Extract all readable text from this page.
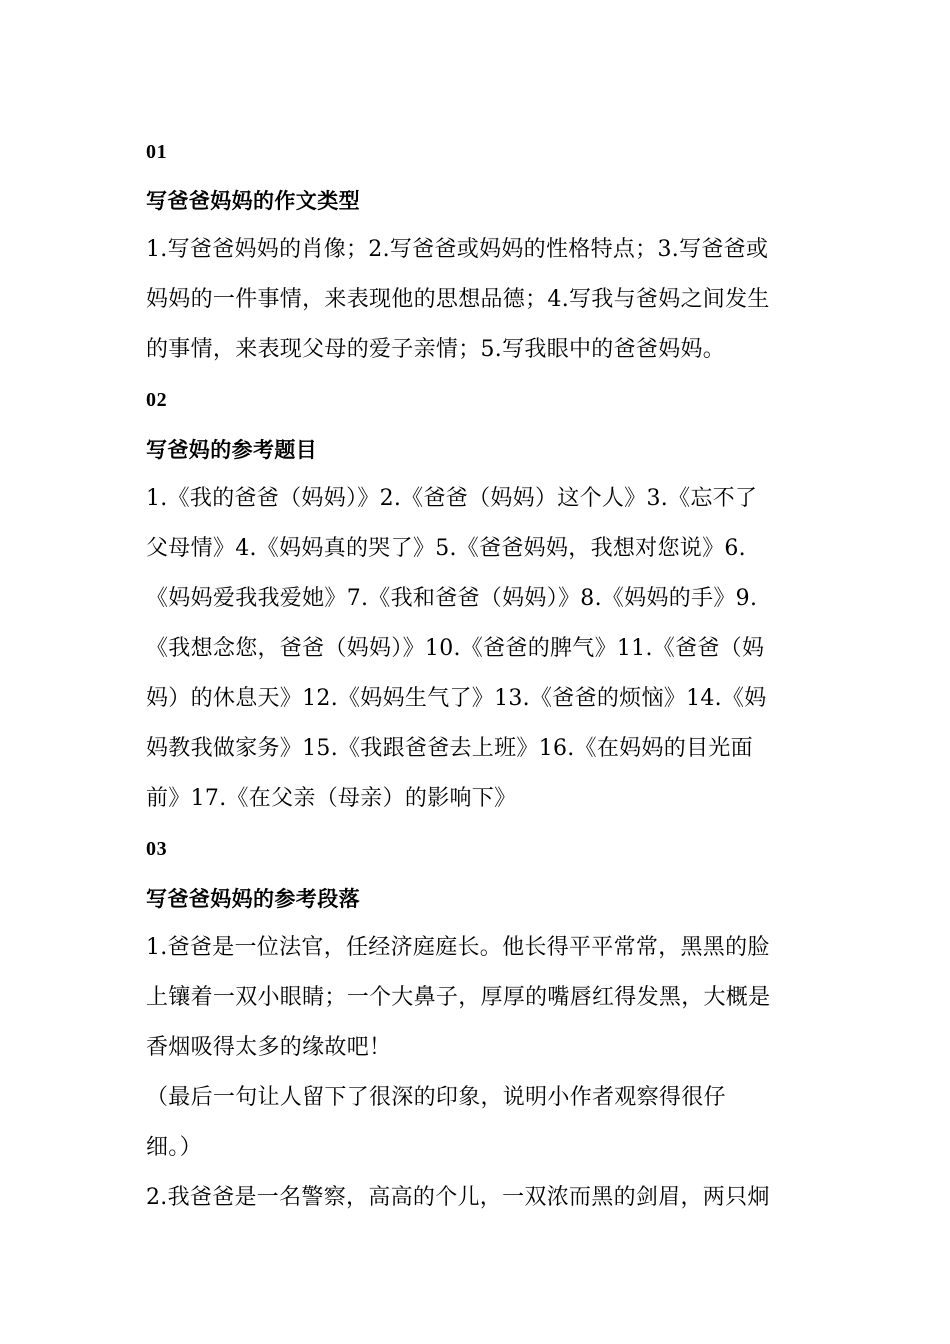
01
写爸爸妈妈的作文类型
1.写爸爸妈妈的肖像；2.写爸爸或妈妈的性格特点；3.写爸爸或
妈妈的一件事情，来表现他的思想品德；4.写我与爸妈之间发生
的事情，来表现父母的爱子亲情；5.写我眼中的爸爸妈妈。
02
写爸妈的参考题目
1.《我的爸爸（妈妈）》2.《爸爸（妈妈）这个人》3.《忘不了
父母情》4.《妈妈真的哭了》5.《爸爸妈妈，我想对您说》6.
《妈妈爱我我爱她》7.《我和爸爸（妈妈）》8.《妈妈的手》9.
《我想念您，爸爸（妈妈）》10.《爸爸的脾气》11.《爸爸（妈
妈）的休息天》12.《妈妈生气了》13.《爸爸的烦恼》14.《妈
妈教我做家务》15.《我跟爸爸去上班》16.《在妈妈的目光面
前》17.《在父亲（母亲）的影响下》
03
写爸爸妈妈的参考段落
1.爸爸是一位法官，任经济庭庭长。他长得平平常常，黑黑的脸
上镶着一双小眼睛；一个大鼻子，厚厚的嘴唇红得发黑，大概是
香烟吸得太多的缘故吧！
（最后一句让人留下了很深的印象，说明小作者观察得很仔
细。）
2.我爸爸是一名警察，高高的个儿，一双浓而黑的剑眉，两只炯
